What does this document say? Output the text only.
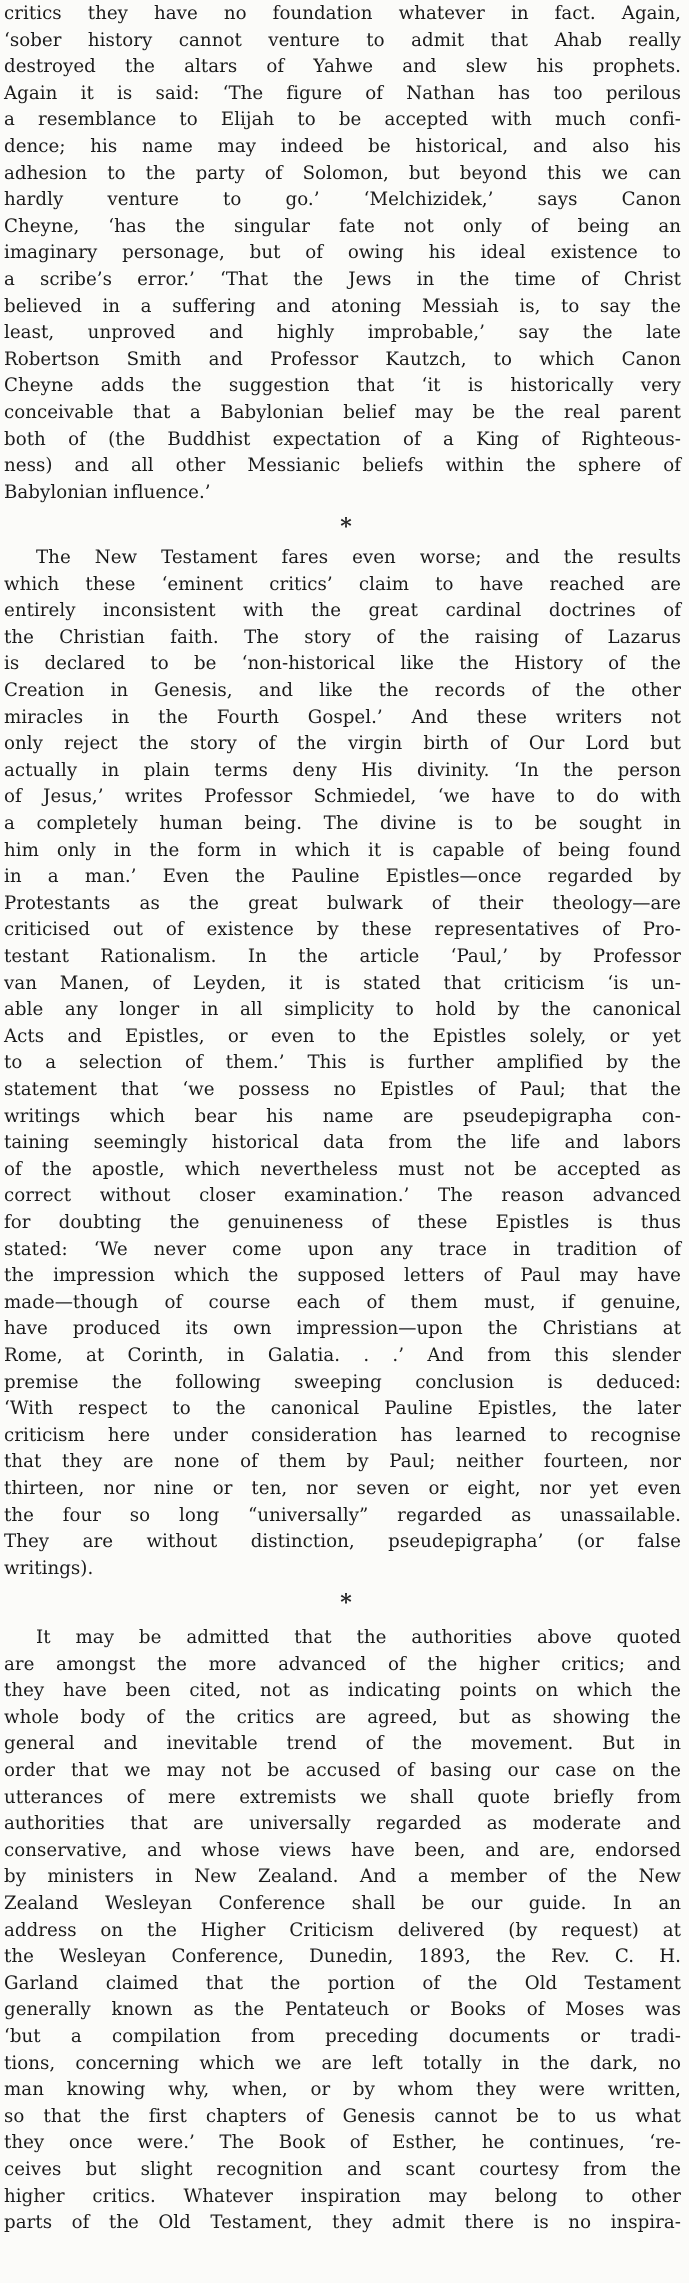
critics they have no foundation whatever in fact. Again,
‘sober history cannot venture to admit that Ahab really
destroyed the altars of Yahwe and slew his prophets.
Again it is said: ‘The figure of Nathan has too perilous
a resemblance to Elijah to be accepted with much confi-
dence; his name may indeed be historical, and also his
adhesion to the party of Solomon, but beyond this we can
hardly venture to go.’ ‘Melchizidek,’ says Canon
Cheyne, ‘has the singular fate not only of being an
imaginary personage, but of owing his ideal existence to
a scribe’s error.’ ‘That the Jews in the time of Christ
believed in a suffering and atoning Messiah is, to say the
least, unproved and highly improbable,’ say the late
Robertson Smith and Professor Kautzch, to which Canon
Cheyne adds the suggestion that ‘it is historically very
conceivable that a Babylonian belief may be the real parent
both of (the Buddhist expectation of a King of Righteous-
ness) and all other Messianic beliefs within the sphere of
Babylonian influence.’
*
The New Testament fares even worse; and the results
which these ‘eminent critics’ claim to have reached are
entirely inconsistent with the great cardinal doctrines of
the Christian faith. The story of the raising of Lazarus
is declared to be ‘non-historical like the History of the
Creation in Genesis, and like the records of the other
miracles in the Fourth Gospel.’ And these writers not
only reject the story of the virgin birth of Our Lord but
actually in plain terms deny His divinity. ‘In the person
of Jesus,’ writes Professor Schmiedel, ‘we have to do with
a completely human being. The divine is to be sought in
him only in the form in which it is capable of being found
in a man.’ Even the Pauline Epistles—once regarded by
Protestants as the great bulwark of their theology—are
criticised out of existence by these representatives of Pro-
testant Rationalism. In the article ‘Paul,’ by Professor
van Manen, of Leyden, it is stated that criticism ‘is un-
able any longer in all simplicity to hold by the canonical
Acts and Epistles, or even to the Epistles solely, or yet
to a selection of them.’ This is further amplified by the
statement that ‘we possess no Epistles of Paul; that the
writings which bear his name are pseudepigrapha con-
taining seemingly historical data from the life and labors
of the apostle, which nevertheless must not be accepted as
correct without closer examination.’ The reason advanced
for doubting the genuineness of these Epistles is thus
stated: ‘We never come upon any trace in tradition of
the impression which the supposed letters of Paul may have
made—though of course each of them must, if genuine,
have produced its own impression—upon the Christians at
Rome, at Corinth, in Galatia. . .’ And from this slender
premise the following sweeping conclusion is deduced:
‘With respect to the canonical Pauline Epistles, the later
criticism here under consideration has learned to recognise
that they are none of them by Paul; neither fourteen, nor
thirteen, nor nine or ten, nor seven or eight, nor yet even
the four so long “universally” regarded as unassailable.
They are without distinction, pseudepigrapha’ (or false
writings).
*
It may be admitted that the authorities above quoted
are amongst the more advanced of the higher critics; and
they have been cited, not as indicating points on which the
whole body of the critics are agreed, but as showing the
general and inevitable trend of the movement. But in
order that we may not be accused of basing our case on the
utterances of mere extremists we shall quote briefly from
authorities that are universally regarded as moderate and
conservative, and whose views have been, and are, endorsed
by ministers in New Zealand. And a member of the New
Zealand Wesleyan Conference shall be our guide. In an
address on the Higher Criticism delivered (by request) at
the Wesleyan Conference, Dunedin, 1893, the Rev. C. H.
Garland claimed that the portion of the Old Testament
generally known as the Pentateuch or Books of Moses was
‘but a compilation from preceding documents or tradi-
tions, concerning which we are left totally in the dark, no
man knowing why, when, or by whom they were written,
so that the first chapters of Genesis cannot be to us what
they once were.’ The Book of Esther, he continues, ‘re-
ceives but slight recognition and scant courtesy from the
higher critics. Whatever inspiration may belong to other
parts of the Old Testament, they admit there is no inspira-
